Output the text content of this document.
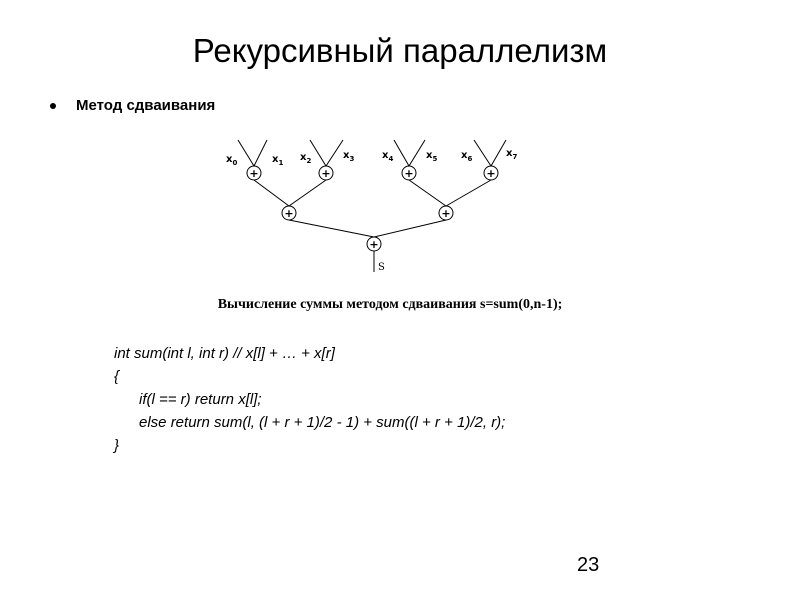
Рекурсивный параллелизм
Метод сдваивания
+	+	+	+
+	+
+
$x_0$	$x_1$ $x_2$	$x_3$	$x_4$	$x_5$ $x_6$	$x_7$
S
Вычисление суммы методом сдваивания s=sum(0,n-1);
int sum(int l, int r) // x[l] + … + x[r]
{
if(l == r) return x[l];
else return sum(l, (l + r + 1)/2 - 1) + sum((l + r + 1)/2, r);
}
23
